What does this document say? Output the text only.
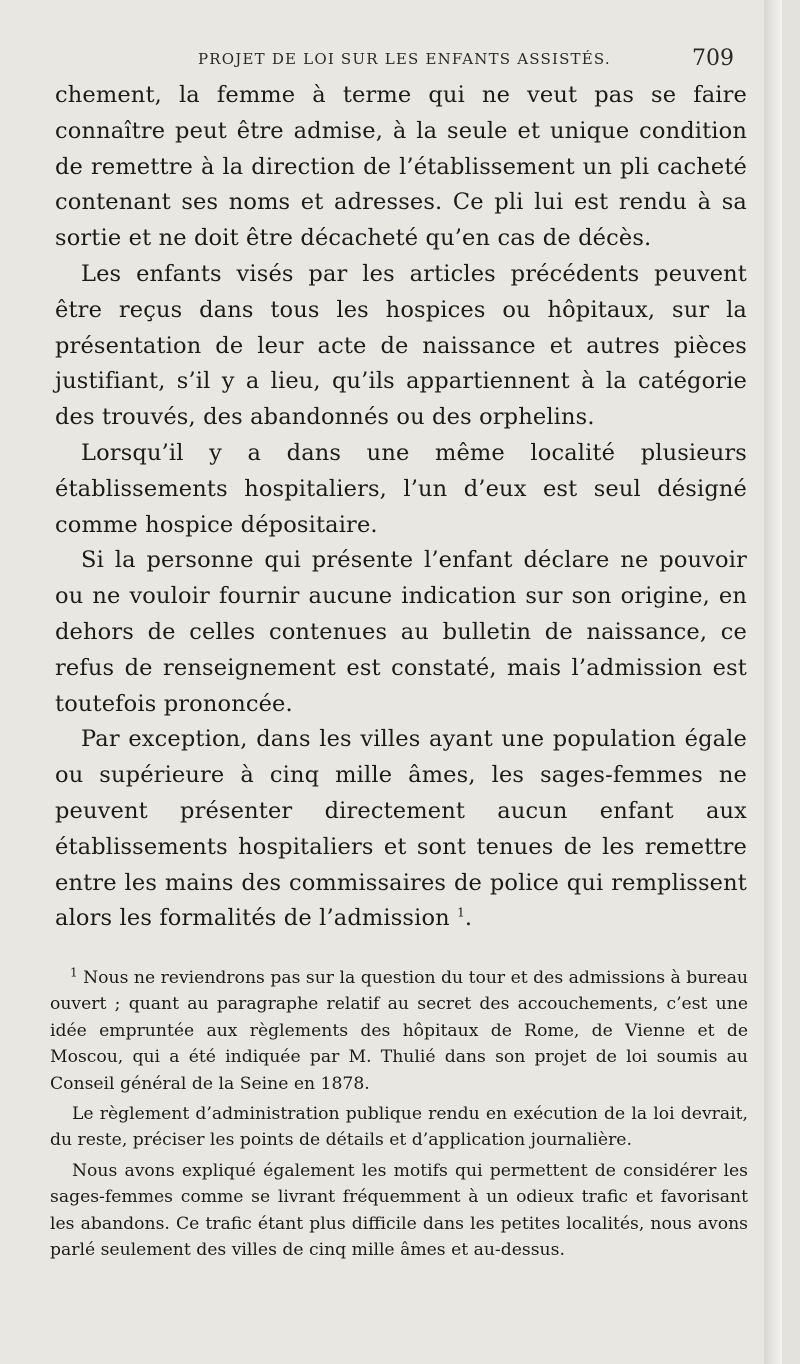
PROJET DE LOI SUR LES ENFANTS ASSISTÉS.	709

chement, la femme à terme qui ne veut pas se faire connaître peut être admise, à la seule et unique condition de remettre à la direction de l’établissement un pli cacheté contenant ses noms et adresses. Ce pli lui est rendu à sa sortie et ne doit être décacheté qu’en cas de décès.

Les enfants visés par les articles précédents peuvent être reçus dans tous les hospices ou hôpitaux, sur la présentation de leur acte de naissance et autres pièces justifiant, s’il y a lieu, qu’ils appartiennent à la catégorie des trouvés, des abandonnés ou des orphelins.

Lorsqu’il y a dans une même localité plusieurs établissements hospitaliers, l’un d’eux est seul désigné comme hospice dépositaire.

Si la personne qui présente l’enfant déclare ne pouvoir ou ne vouloir fournir aucune indication sur son origine, en dehors de celles contenues au bulletin de naissance, ce refus de renseignement est constaté, mais l’admission est toutefois prononcée.

Par exception, dans les villes ayant une population égale ou supérieure à cinq mille âmes, les sages-femmes ne peuvent présenter directement aucun enfant aux établissements hospitaliers et sont tenues de les remettre entre les mains des commissaires de police qui remplissent alors les formalités de l’admission $^1$.

$^1$ Nous ne reviendrons pas sur la question du tour et des admissions à bureau ouvert ; quant au paragraphe relatif au secret des accouchements, c’est une idée empruntée aux règlements des hôpitaux de Rome, de Vienne et de Moscou, qui a été indiquée par M. Thulié dans son projet de loi soumis au Conseil général de la Seine en 1878.

Le règlement d’administration publique rendu en exécution de la loi devrait, du reste, préciser les points de détails et d’application journalière.

Nous avons expliqué également les motifs qui permettent de considérer les sages-femmes comme se livrant fréquemment à un odieux trafic et favorisant les abandons. Ce trafic étant plus difficile dans les petites localités, nous avons parlé seulement des villes de cinq mille âmes et au-dessus.
